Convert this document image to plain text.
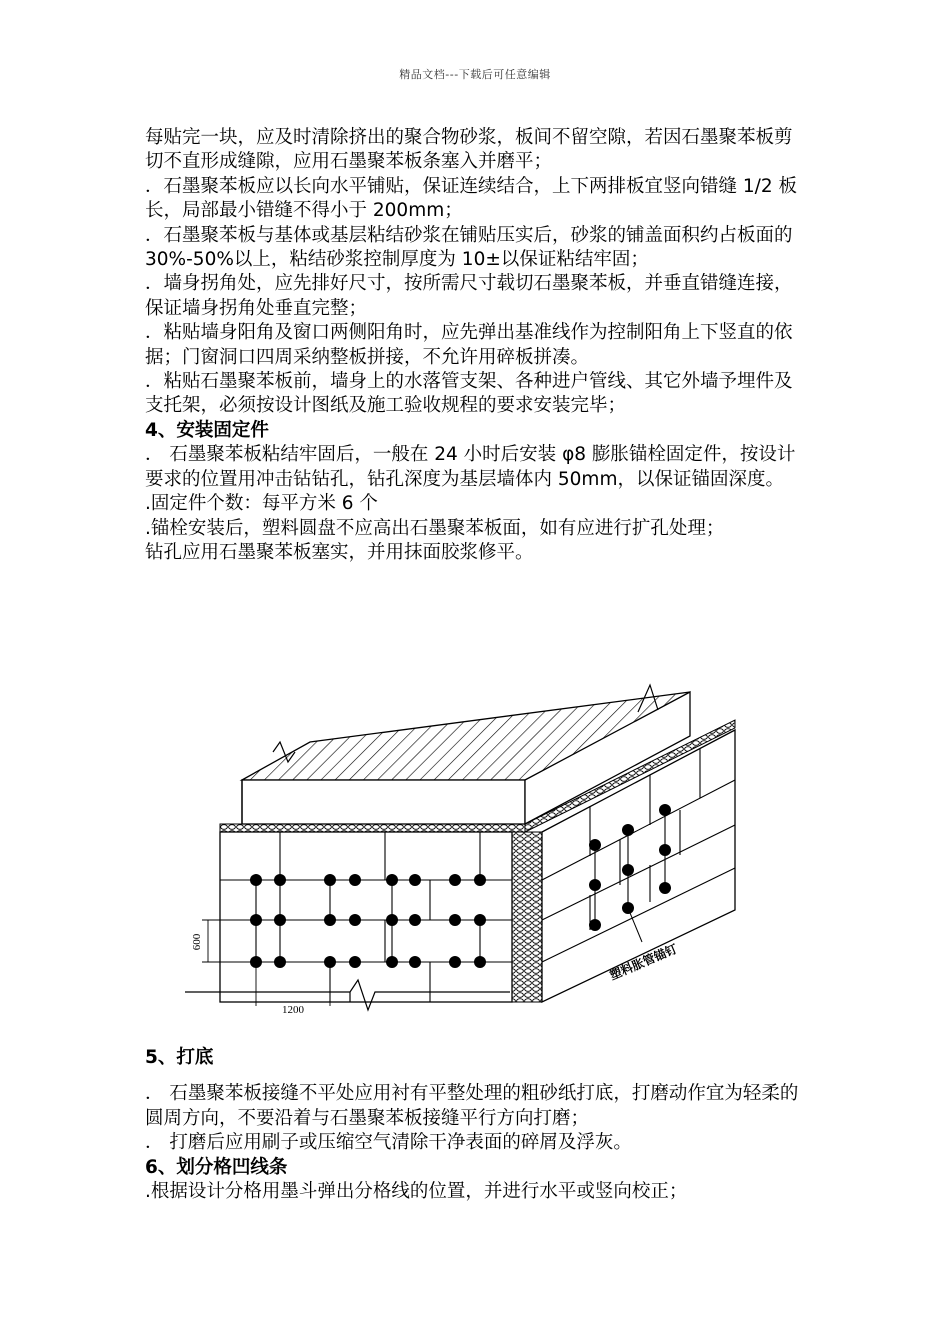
精品文档---下载后可任意编辑

每贴完一块，应及时清除挤出的聚合物砂浆，板间不留空隙，若因石墨聚苯板剪切不直形成缝隙，应用石墨聚苯板条塞入并磨平；

．石墨聚苯板应以长向水平铺贴，保证连续结合，上下两排板宜竖向错缝 1/2 板长，局部最小错缝不得小于 200mm；

．石墨聚苯板与基体或基层粘结砂浆在铺贴压实后，砂浆的铺盖面积约占板面的 30%-50%以上，粘结砂浆控制厚度为 10±以保证粘结牢固；

．墙身拐角处，应先排好尺寸，按所需尺寸载切石墨聚苯板，并垂直错缝连接，保证墙身拐角处垂直完整；

．粘贴墙身阳角及窗口两侧阳角时，应先弹出基准线作为控制阳角上下竖直的依据；门窗洞口四周采纳整板拼接，不允许用碎板拼凑。

．粘贴石墨聚苯板前，墙身上的水落管支架、各种进户管线、其它外墙予埋件及支托架，必须按设计图纸及施工验收规程的要求安装完毕；

4、安装固定件

． 石墨聚苯板粘结牢固后，一般在 24 小时后安装 φ8 膨胀锚栓固定件，按设计要求的位置用冲击钻钻孔，钻孔深度为基层墙体内 50mm，以保证锚固深度。

.固定件个数：每平方米 6 个

.锚栓安装后，塑料圆盘不应高出石墨聚苯板面，如有应进行扩孔处理；

钻孔应用石墨聚苯板塞实，并用抹面胶浆修平。

600
1200
塑料胀管锚钉

5、打底

． 石墨聚苯板接缝不平处应用衬有平整处理的粗砂纸打底，打磨动作宜为轻柔的圆周方向，不要沿着与石墨聚苯板接缝平行方向打磨；

． 打磨后应用刷子或压缩空气清除干净表面的碎屑及浮灰。

6、划分格凹线条

.根据设计分格用墨斗弹出分格线的位置，并进行水平或竖向校正；
